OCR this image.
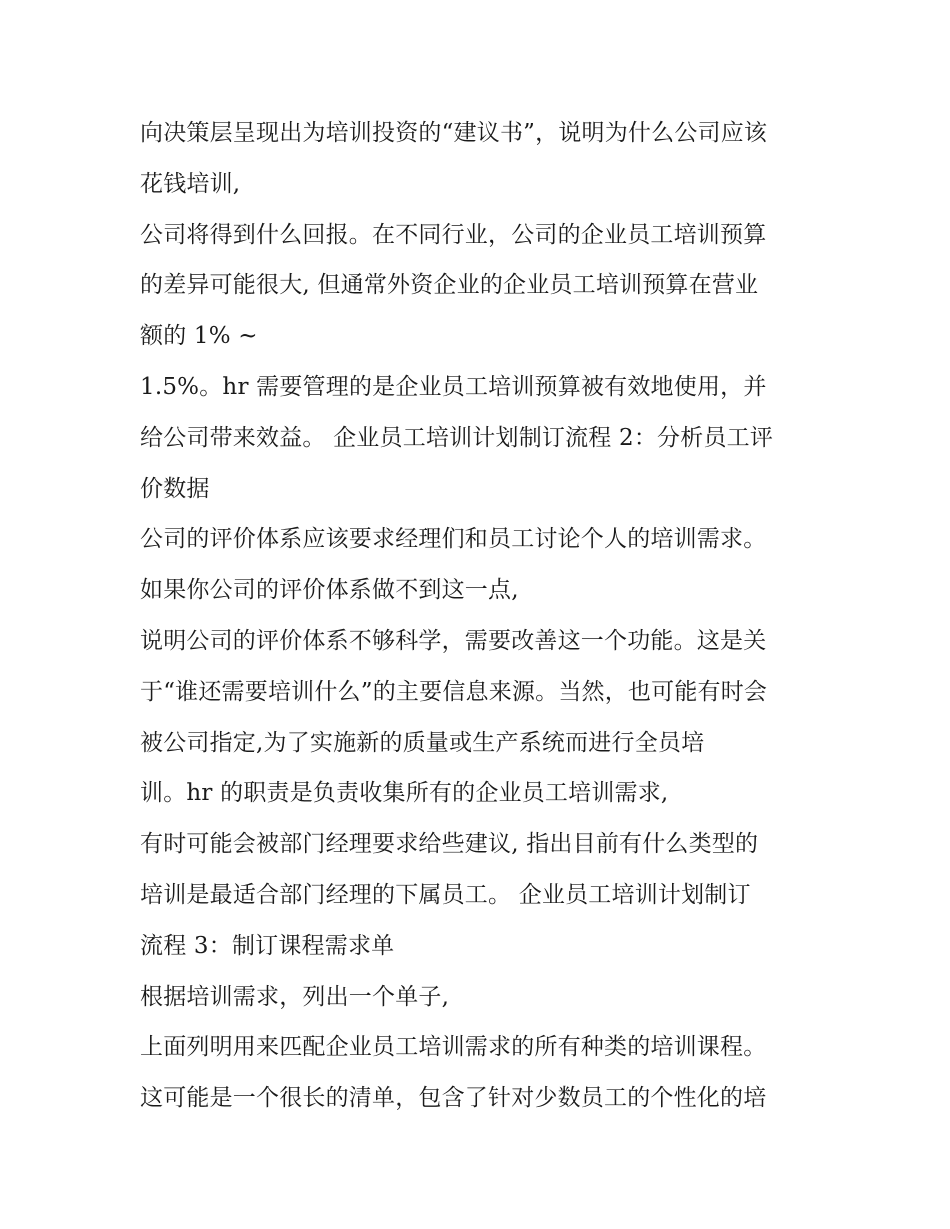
向决策层呈现出为培训投资的“建议书”，说明为什么公司应该
花钱培训,
公司将得到什么回报。在不同行业，公司的企业员工培训预算
的差异可能很大, 但通常外资企业的企业员工培训预算在营业
额的 1% ~
1.5%。hr 需要管理的是企业员工培训预算被有效地使用，并
给公司带来效益。 企业员工培训计划制订流程 2：分析员工评
价数据
公司的评价体系应该要求经理们和员工讨论个人的培训需求。
如果你公司的评价体系做不到这一点,
说明公司的评价体系不够科学，需要改善这一个功能。这是关
于“谁还需要培训什么”的主要信息来源。当然，也可能有时会
被公司指定,为了实施新的质量或生产系统而进行全员培
训。hr 的职责是负责收集所有的企业员工培训需求,
有时可能会被部门经理要求给些建议, 指出目前有什么类型的
培训是最适合部门经理的下属员工。 企业员工培训计划制订
流程 3：制订课程需求单
根据培训需求，列出一个单子,
上面列明用来匹配企业员工培训需求的所有种类的培训课程。
这可能是一个很长的清单，包含了针对少数员工的个性化的培
